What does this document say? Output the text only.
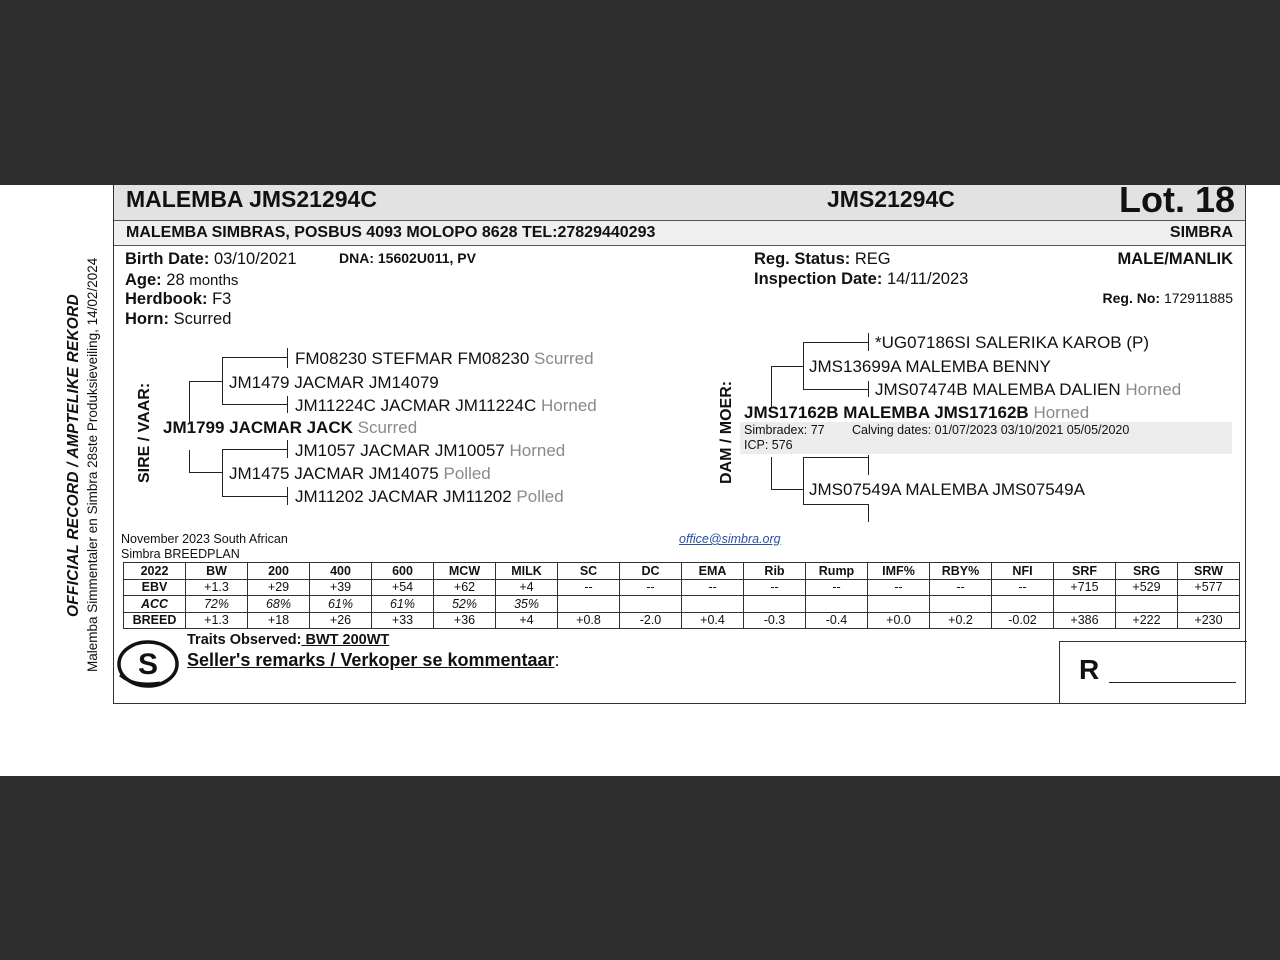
OFFICIAL RECORD / AMPTELIKE REKORD Malemba Simmentaler en Simbra 28ste Produksieveiling, 14/02/2024
MALEMBA JMS21294C	JMS21294C	Lot. 18
MALEMBA SIMBRAS, POSBUS 4093 MOLOPO 8628 TEL:27829440293	SIMBRA
Birth Date: 03/10/2021	DNA: 15602U011, PV
Age: 28 months
Herdbook: F3
Horn: Scurred
Reg. Status: REG
Inspection Date: 14/11/2023
MALE/MANLIK
Reg. No: 172911885
SIRE / VAAR:
FM08230 STEFMAR FM08230 Scurred
JM1479 JACMAR JM14079
JM11224C JACMAR JM11224C Horned
JM1799 JACMAR JACK Scurred
JM1057 JACMAR JM10057 Horned
JM1475 JACMAR JM14075 Polled
JM11202 JACMAR JM11202 Polled
DAM / MOER:
*UG07186SI SALERIKA KAROB (P)
JMS13699A MALEMBA BENNY
JMS07474B MALEMBA DALIEN Horned
JMS17162B MALEMBA JMS17162B Horned
Simbradex: 77 Calving dates: 01/07/2023 03/10/2021 05/05/2020
ICP: 576
JMS07549A MALEMBA JMS07549A
November 2023 South African
Simbra BREEDPLAN
office@simbra.org
2022	BW	200	400	600	MCW	MILK	SC	DC	EMA	Rib	Rump	IMF%	RBY%	NFI	SRF	SRG	SRW
EBV	+1.3	+29	+39	+54	+62	+4	--	--	--	--	--	--	--	--	+715	+529	+577
ACC	72%	68%	61%	61%	52%	35%											
BREED	+1.3	+18	+26	+33	+36	+4	+0.8	-2.0	+0.4	-0.3	-0.4	+0.0	+0.2	-0.02	+386	+222	+230
Traits Observed: BWT 200WT
Seller's remarks / Verkoper se kommentaar:
S	R
